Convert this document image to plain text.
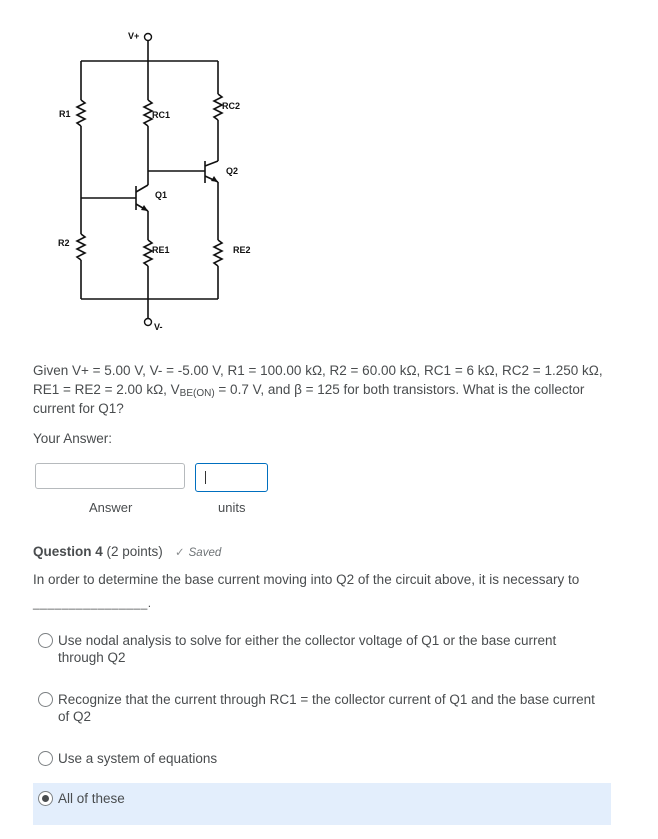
V+
R1	RC1
RC2
Q2
Q1
R2
RE1	RE2
V-
Given V+ = 5.00 V, V- = -5.00 V, R1 = 100.00 kΩ, R2 = 60.00 kΩ, RC1 = 6 kΩ, RC2 = 1.250 kΩ, RE1 = RE2 = 2.00 kΩ, $V_{BE(ON)} = 0.7$ V, and β = 125 for both transistors. What is the collector current for Q1?
Your Answer:
Answer	units
Question 4 (2 points) ✓ Saved
In order to determine the base current moving into Q2 of the circuit above, it is necessary to
________________.
Use nodal analysis to solve for either the collector voltage of Q1 or the base current through Q2
Recognize that the current through RC1 = the collector current of Q1 and the base current of Q2
Use a system of equations
All of these
